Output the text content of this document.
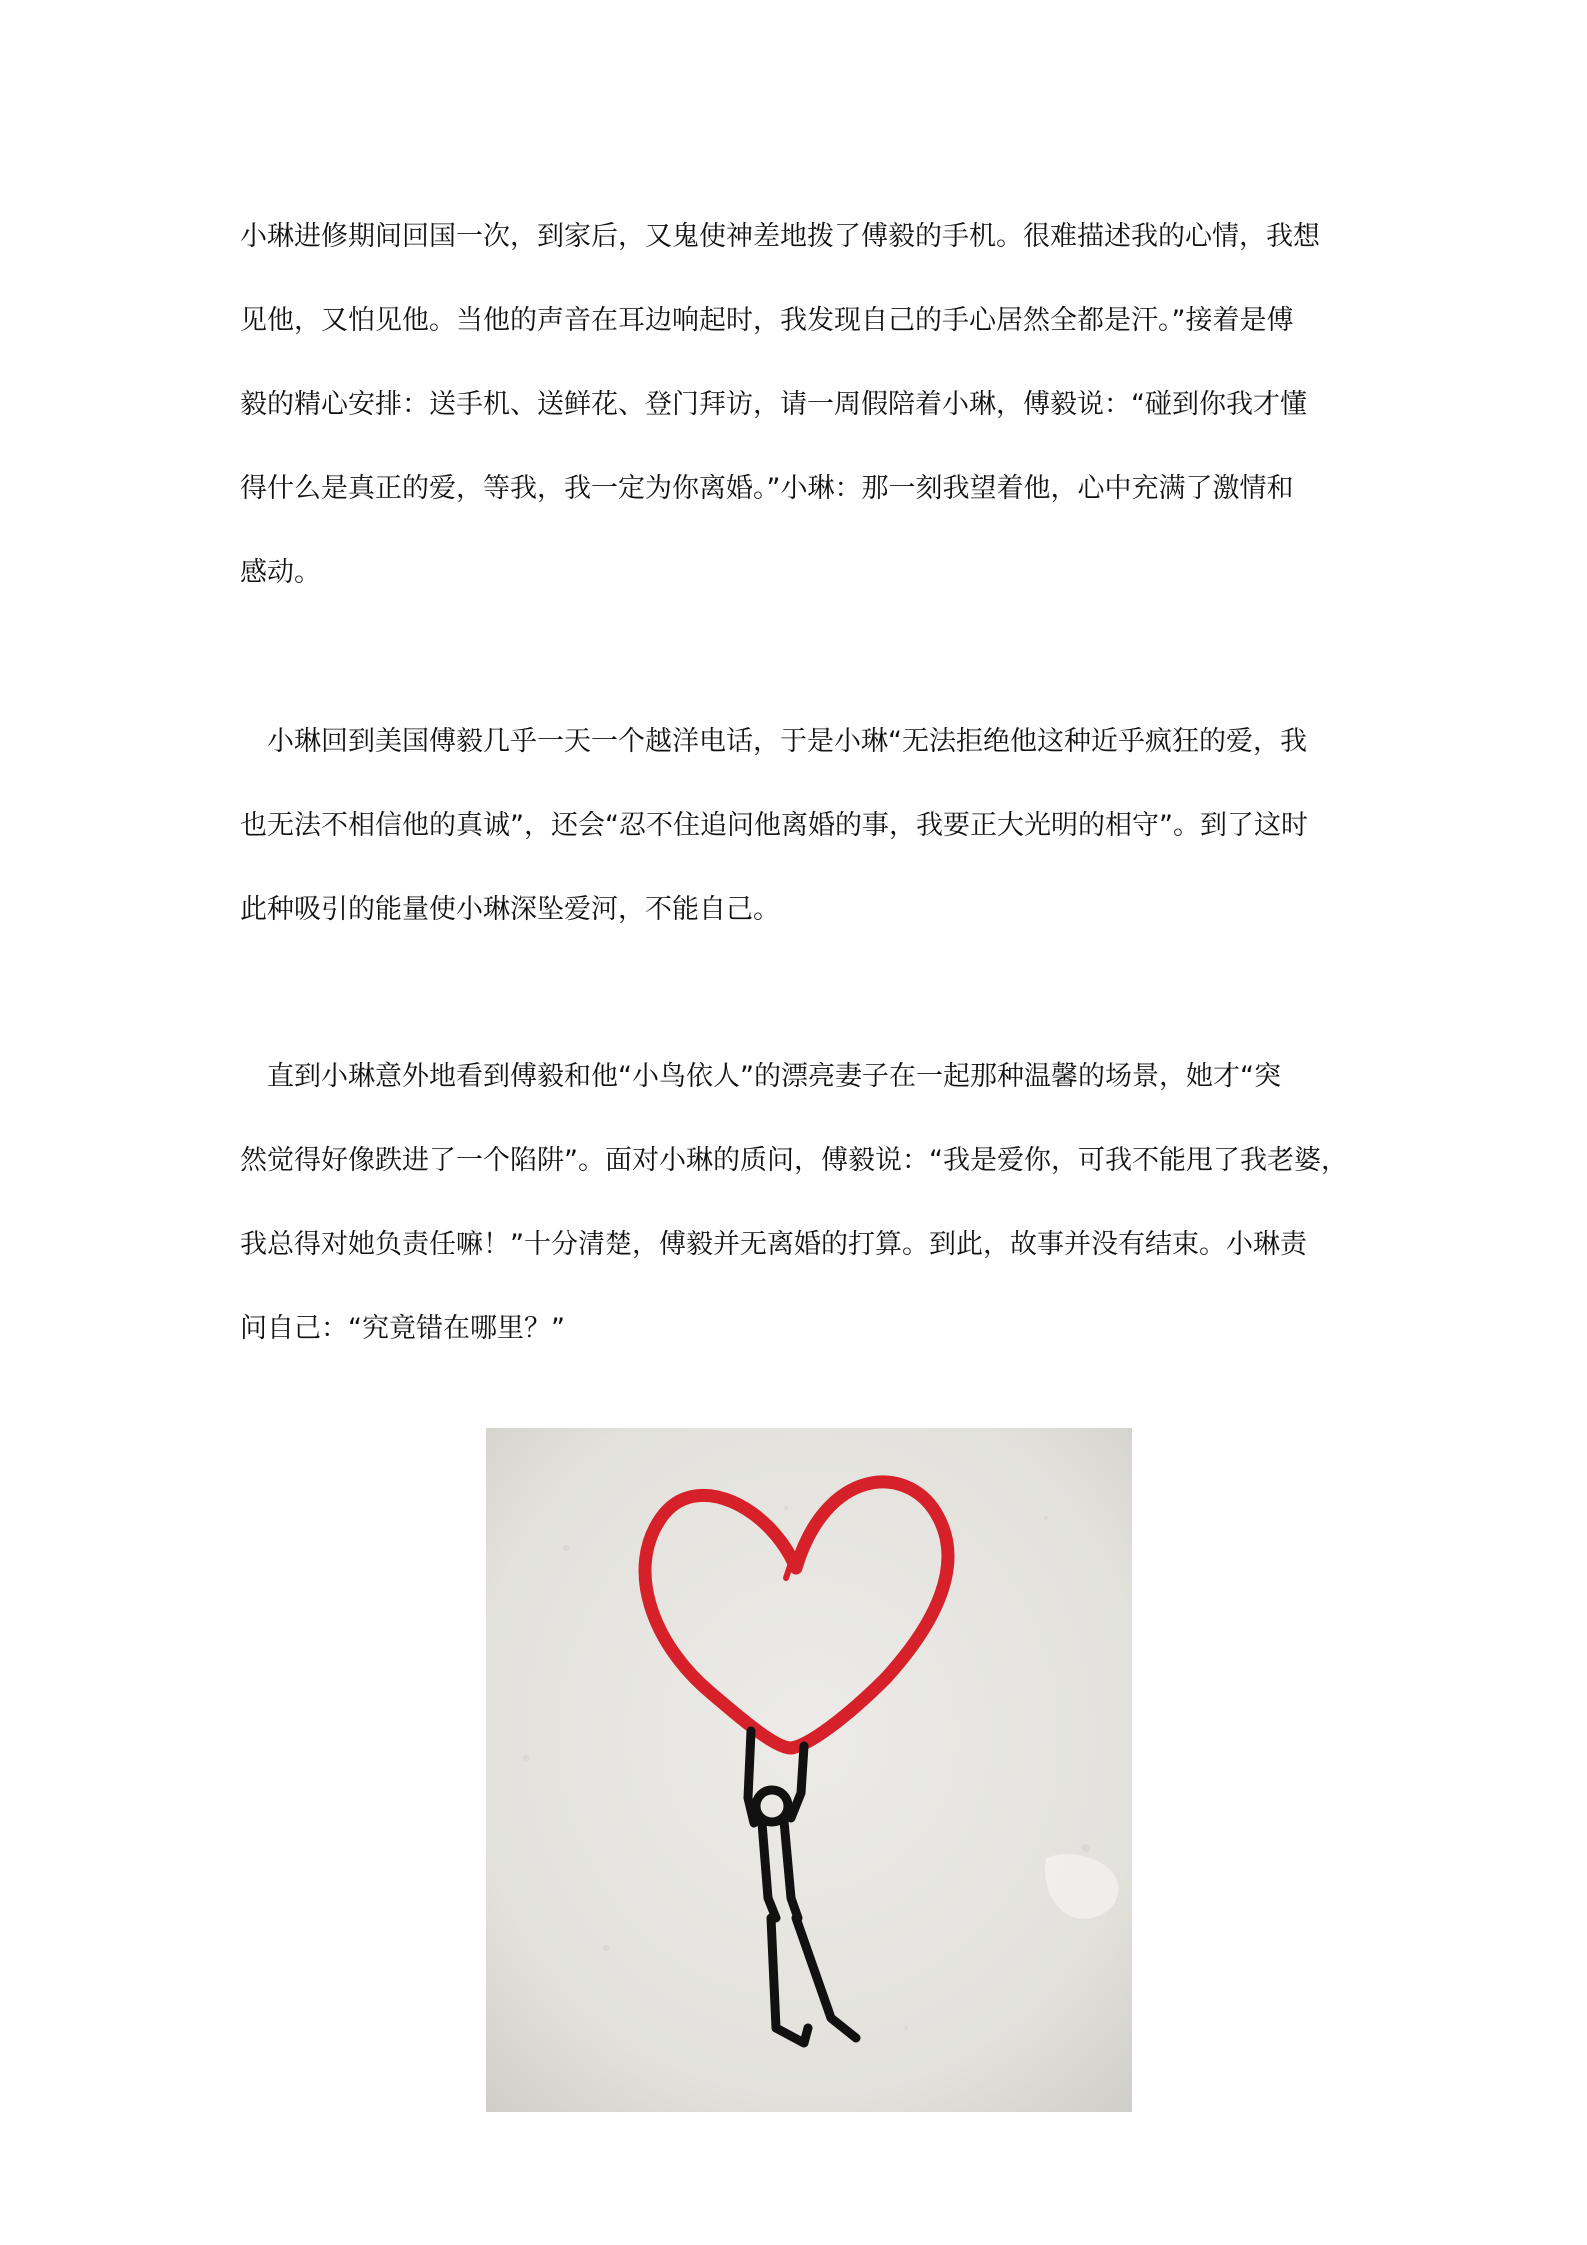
小琳进修期间回国一次，到家后，又鬼使神差地拨了傅毅的手机。很难描述我的心情，我想
见他，又怕见他。当他的声音在耳边响起时，我发现自己的手心居然全都是汗。”接着是傅
毅的精心安排：送手机、送鲜花、登门拜访，请一周假陪着小琳，傅毅说：“碰到你我才懂
得什么是真正的爱，等我，我一定为你离婚。”小琳：那一刻我望着他，心中充满了激情和
感动。
　小琳回到美国傅毅几乎一天一个越洋电话，于是小琳“无法拒绝他这种近乎疯狂的爱，我
也无法不相信他的真诚”，还会“忍不住追问他离婚的事，我要正大光明的相守”。到了这时
此种吸引的能量使小琳深坠爱河，不能自己。
　直到小琳意外地看到傅毅和他“小鸟依人”的漂亮妻子在一起那种温馨的场景，她才“突
然觉得好像跌进了一个陷阱”。面对小琳的质问，傅毅说：“我是爱你，可我不能甩了我老婆，
我总得对她负责任嘛！”十分清楚，傅毅并无离婚的打算。到此，故事并没有结束。小琳责
问自己：“究竟错在哪里？”
